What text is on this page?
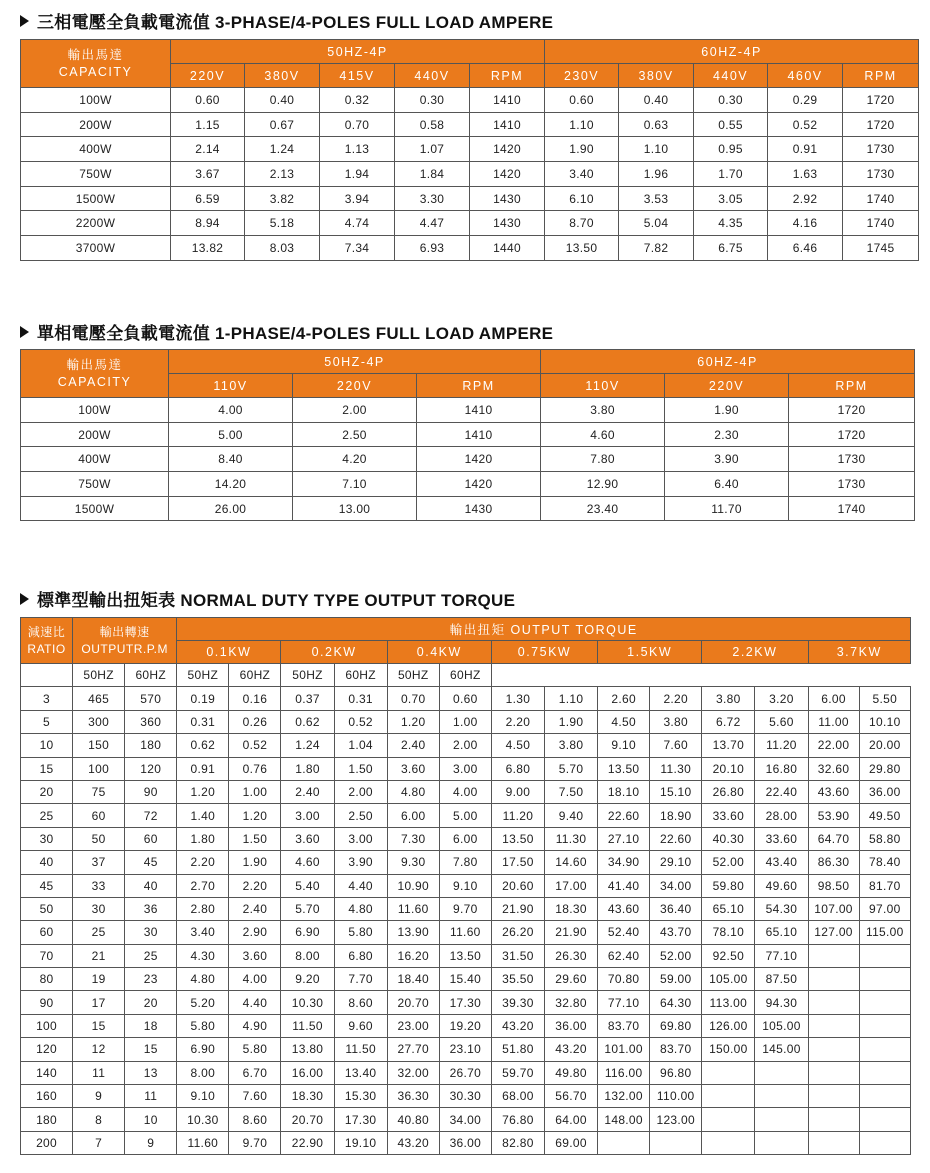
三相電壓全負載電流值 3-PHASE/4-POLES FULL LOAD AMPERE
輸出馬達
CAPACITY	50HZ-4P					60HZ-4P				
	220V	380V	415V	440V	RPM	230V	380V	440V	460V	RPM
100W	0.60	0.40	0.32	0.30	1410	0.60	0.40	0.30	0.29	1720
200W	1.15	0.67	0.70	0.58	1410	1.10	0.63	0.55	0.52	1720
400W	2.14	1.24	1.13	1.07	1420	1.90	1.10	0.95	0.91	1730
750W	3.67	2.13	1.94	1.84	1420	3.40	1.96	1.70	1.63	1730
1500W	6.59	3.82	3.94	3.30	1430	6.10	3.53	3.05	2.92	1740
2200W	8.94	5.18	4.74	4.47	1430	8.70	5.04	4.35	4.16	1740
3700W	13.82	8.03	7.34	6.93	1440	13.50	7.82	6.75	6.46	1745
單相電壓全負載電流值 1-PHASE/4-POLES FULL LOAD AMPERE
輸出馬達
CAPACITY	50HZ-4P			60HZ-4P		
	110V	220V	RPM	110V	220V	RPM
100W	4.00	2.00	1410	3.80	1.90	1720
200W	5.00	2.50	1410	4.60	2.30	1720
400W	8.40	4.20	1420	7.80	3.90	1730
750W	14.20	7.10	1420	12.90	6.40	1730
1500W	26.00	13.00	1430	23.40	11.70	1740
標準型輸出扭矩表 NORMAL DUTY TYPE OUTPUT TORQUE
減速比
RATIO	輸出轉速
OUTPUTR.P.M		輸出扭矩 OUTPUT TORQUE													
			0.1KW		0.2KW		0.4KW		0.75KW		1.5KW		2.2KW		3.7KW	
	50HZ	60HZ	50HZ	60HZ	50HZ	60HZ	50HZ	60HZ								
3	465	570	0.19	0.16	0.37	0.31	0.70	0.60	1.30	1.10	2.60	2.20	3.80	3.20	6.00	5.50
5	300	360	0.31	0.26	0.62	0.52	1.20	1.00	2.20	1.90	4.50	3.80	6.72	5.60	11.00	10.10
10	150	180	0.62	0.52	1.24	1.04	2.40	2.00	4.50	3.80	9.10	7.60	13.70	11.20	22.00	20.00
15	100	120	0.91	0.76	1.80	1.50	3.60	3.00	6.80	5.70	13.50	11.30	20.10	16.80	32.60	29.80
20	75	90	1.20	1.00	2.40	2.00	4.80	4.00	9.00	7.50	18.10	15.10	26.80	22.40	43.60	36.00
25	60	72	1.40	1.20	3.00	2.50	6.00	5.00	11.20	9.40	22.60	18.90	33.60	28.00	53.90	49.50
30	50	60	1.80	1.50	3.60	3.00	7.30	6.00	13.50	11.30	27.10	22.60	40.30	33.60	64.70	58.80
40	37	45	2.20	1.90	4.60	3.90	9.30	7.80	17.50	14.60	34.90	29.10	52.00	43.40	86.30	78.40
45	33	40	2.70	2.20	5.40	4.40	10.90	9.10	20.60	17.00	41.40	34.00	59.80	49.60	98.50	81.70
50	30	36	2.80	2.40	5.70	4.80	11.60	9.70	21.90	18.30	43.60	36.40	65.10	54.30	107.00	97.00
60	25	30	3.40	2.90	6.90	5.80	13.90	11.60	26.20	21.90	52.40	43.70	78.10	65.10	127.00	115.00
70	21	25	4.30	3.60	8.00	6.80	16.20	13.50	31.50	26.30	62.40	52.00	92.50	77.10		
80	19	23	4.80	4.00	9.20	7.70	18.40	15.40	35.50	29.60	70.80	59.00	105.00	87.50		
90	17	20	5.20	4.40	10.30	8.60	20.70	17.30	39.30	32.80	77.10	64.30	113.00	94.30		
100	15	18	5.80	4.90	11.50	9.60	23.00	19.20	43.20	36.00	83.70	69.80	126.00	105.00		
120	12	15	6.90	5.80	13.80	11.50	27.70	23.10	51.80	43.20	101.00	83.70	150.00	145.00		
140	11	13	8.00	6.70	16.00	13.40	32.00	26.70	59.70	49.80	116.00	96.80				
160	9	11	9.10	7.60	18.30	15.30	36.30	30.30	68.00	56.70	132.00	110.00				
180	8	10	10.30	8.60	20.70	17.30	40.80	34.00	76.80	64.00	148.00	123.00				
200	7	9	11.60	9.70	22.90	19.10	43.20	36.00	82.80	69.00						
